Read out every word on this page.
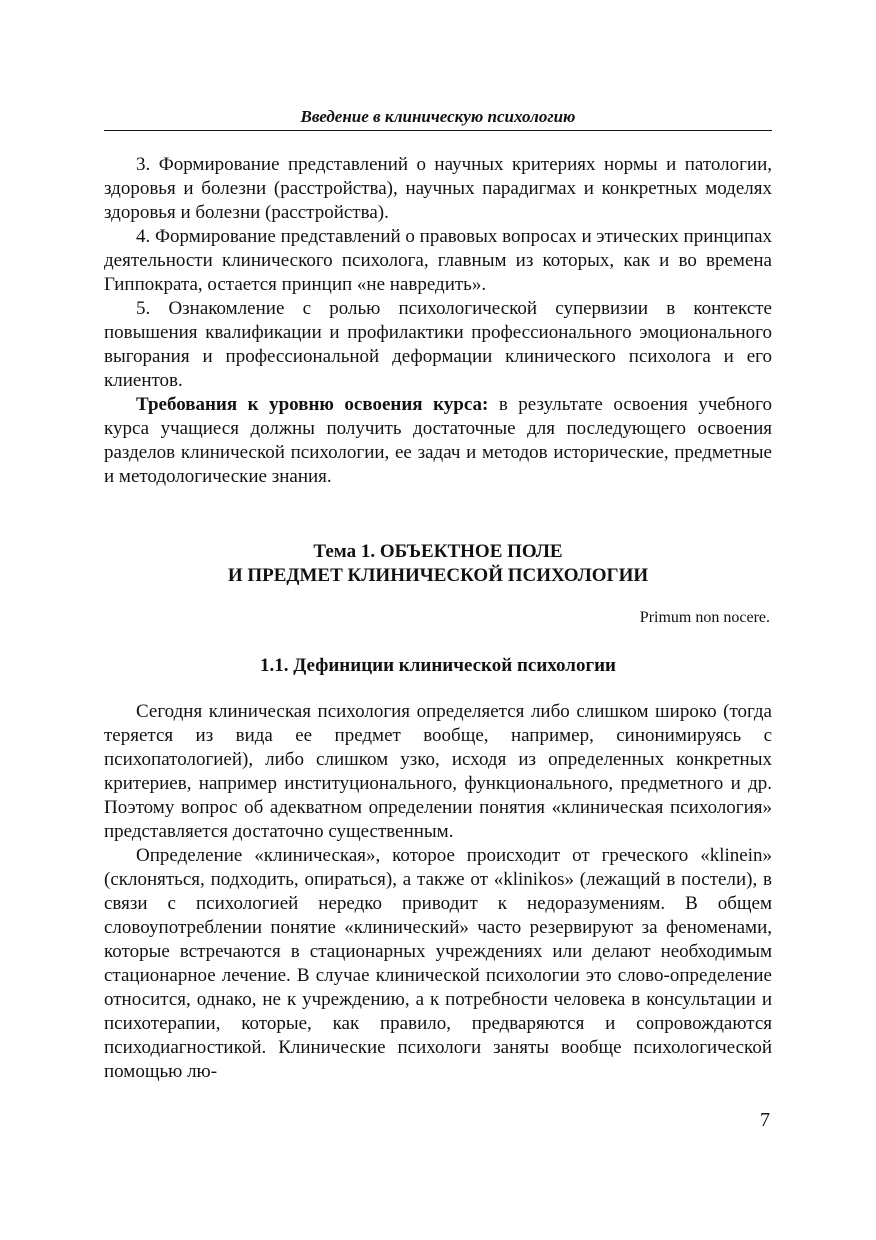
Введение в клиническую психологию

3. Формирование представлений о научных критериях нормы и патологии, здоровья и болезни (расстройства), научных парадигмах и конкретных моделях здоровья и болезни (расстройства).

4. Формирование представлений о правовых вопросах и этических принципах деятельности клинического психолога, главным из которых, как и во времена Гиппократа, остается принцип «не навредить».

5. Ознакомление с ролью психологической супервизии в контексте повышения квалификации и профилактики профессионального эмоционального выгорания и профессиональной деформации клинического психолога и его клиентов.

Требования к уровню освоения курса: в результате освоения учебного курса учащиеся должны получить достаточные для последующего освоения разделов клинической психологии, ее задач и методов исторические, предметные и методологические знания.

Тема 1. ОБЪЕКТНОЕ ПОЛЕ
И ПРЕДМЕТ КЛИНИЧЕСКОЙ ПСИХОЛОГИИ
Primum non nocere.
1.1. Дефиниции клинической психологии

Сегодня клиническая психология определяется либо слишком широко (тогда теряется из вида ее предмет вообще, например, синонимируясь с психопатологией), либо слишком узко, исходя из определенных конкретных критериев, например институционального, функционального, предметного и др. Поэтому вопрос об адекватном определении понятия «клиническая психология» представляется достаточно существенным.

Определение «клиническая», которое происходит от греческого «klinein» (склоняться, подходить, опираться), а также от «klinikos» (лежащий в постели), в связи с психологией нередко приводит к недоразумениям. В общем словоупотреблении понятие «клинический» часто резервируют за феноменами, которые встречаются в стационарных учреждениях или делают необходимым стационарное лечение. В случае клинической психологии это слово-определение относится, однако, не к учреждению, а к потребности человека в консультации и психотерапии, которые, как правило, предваряются и сопровождаются психодиагностикой. Клинические психологи заняты вообще психологической помощью лю-

7
